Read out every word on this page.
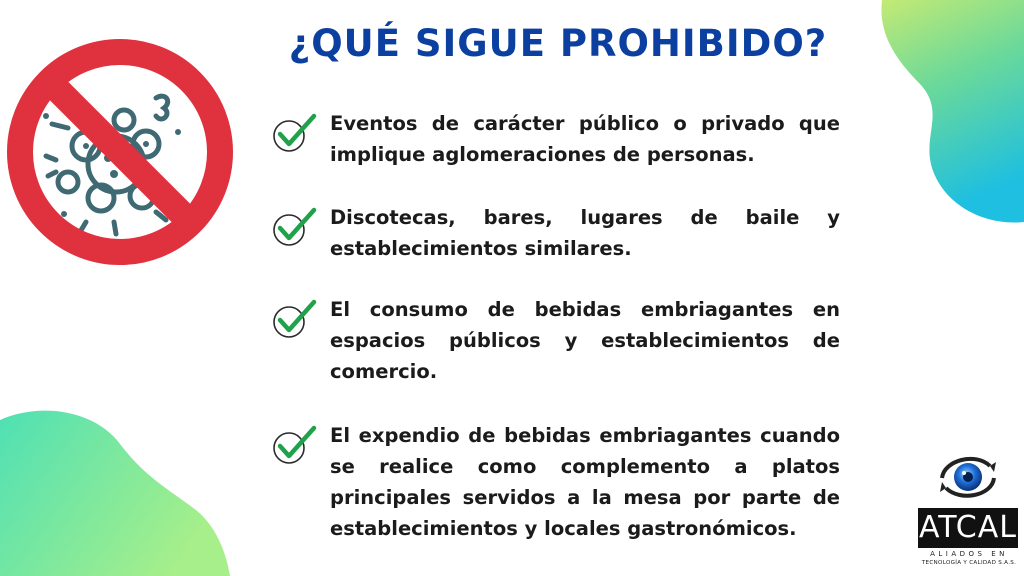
¿QUÉ SIGUE PROHIBIDO?

Eventos de carácter público o privado que implique aglomeraciones de personas.

Discotecas, bares, lugares de baile y establecimientos similares.

El consumo de bebidas embriagantes en espacios públicos y establecimientos de comercio.

El expendio de bebidas embriagantes cuando se realice como complemento a platos principales servidos a la mesa por parte de establecimientos y locales gastronómicos.	ATCAL
ALIADOS EN
TECNOLOGÍA Y CALIDAD S.A.S.
